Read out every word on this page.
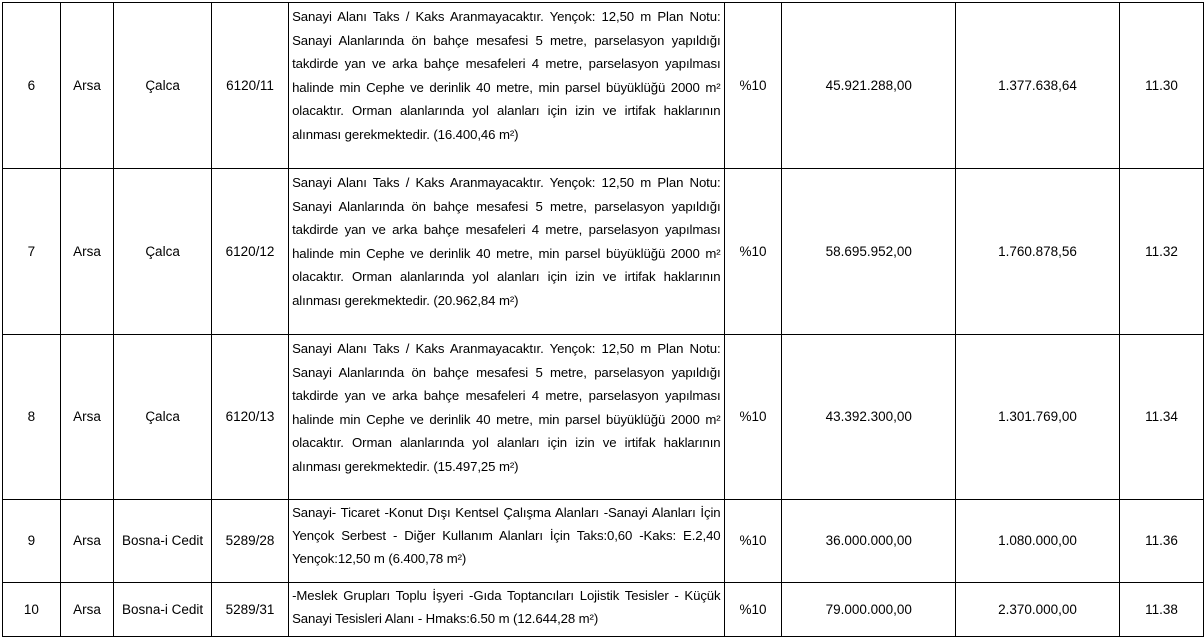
6	Arsa	Çalca	6120/11	Sanayi Alanı Taks / Kaks Aranmayacaktır. Yençok: 12,50 m Plan Notu: Sanayi Alanlarında ön bahçe mesafesi 5 metre, parselasyon yapıldığı takdirde yan ve arka bahçe mesafeleri 4 metre, parselasyon yapılması halinde min Cephe ve derinlik 40 metre, min parsel büyüklüğü 2000 m² olacaktır. Orman alanlarında yol alanları için izin ve irtifak haklarının alınması gerekmektedir. (16.400,46 m²)	%10	45.921.288,00	1.377.638,64	11.30
7	Arsa	Çalca	6120/12	Sanayi Alanı Taks / Kaks Aranmayacaktır. Yençok: 12,50 m Plan Notu: Sanayi Alanlarında ön bahçe mesafesi 5 metre, parselasyon yapıldığı takdirde yan ve arka bahçe mesafeleri 4 metre, parselasyon yapılması halinde min Cephe ve derinlik 40 metre, min parsel büyüklüğü 2000 m² olacaktır. Orman alanlarında yol alanları için izin ve irtifak haklarının alınması gerekmektedir. (20.962,84 m²)	%10	58.695.952,00	1.760.878,56	11.32
8	Arsa	Çalca	6120/13	Sanayi Alanı Taks / Kaks Aranmayacaktır. Yençok: 12,50 m Plan Notu: Sanayi Alanlarında ön bahçe mesafesi 5 metre, parselasyon yapıldığı takdirde yan ve arka bahçe mesafeleri 4 metre, parselasyon yapılması halinde min Cephe ve derinlik 40 metre, min parsel büyüklüğü 2000 m² olacaktır. Orman alanlarında yol alanları için izin ve irtifak haklarının alınması gerekmektedir. (15.497,25 m²)	%10	43.392.300,00	1.301.769,00	11.34
9	Arsa	Bosna-i Cedit	5289/28	Sanayi- Ticaret -Konut Dışı Kentsel Çalışma Alanları -Sanayi Alanları İçin Yençok Serbest - Diğer Kullanım Alanları İçin Taks:0,60 -Kaks: E.2,40 Yençok:12,50 m (6.400,78 m²)	%10	36.000.000,00	1.080.000,00	11.36
10	Arsa	Bosna-i Cedit	5289/31	-Meslek Grupları Toplu İşyeri -Gıda Toptancıları Lojistik Tesisler - Küçük Sanayi Tesisleri Alanı - Hmaks:6.50 m (12.644,28 m²)	%10	79.000.000,00	2.370.000,00	11.38
